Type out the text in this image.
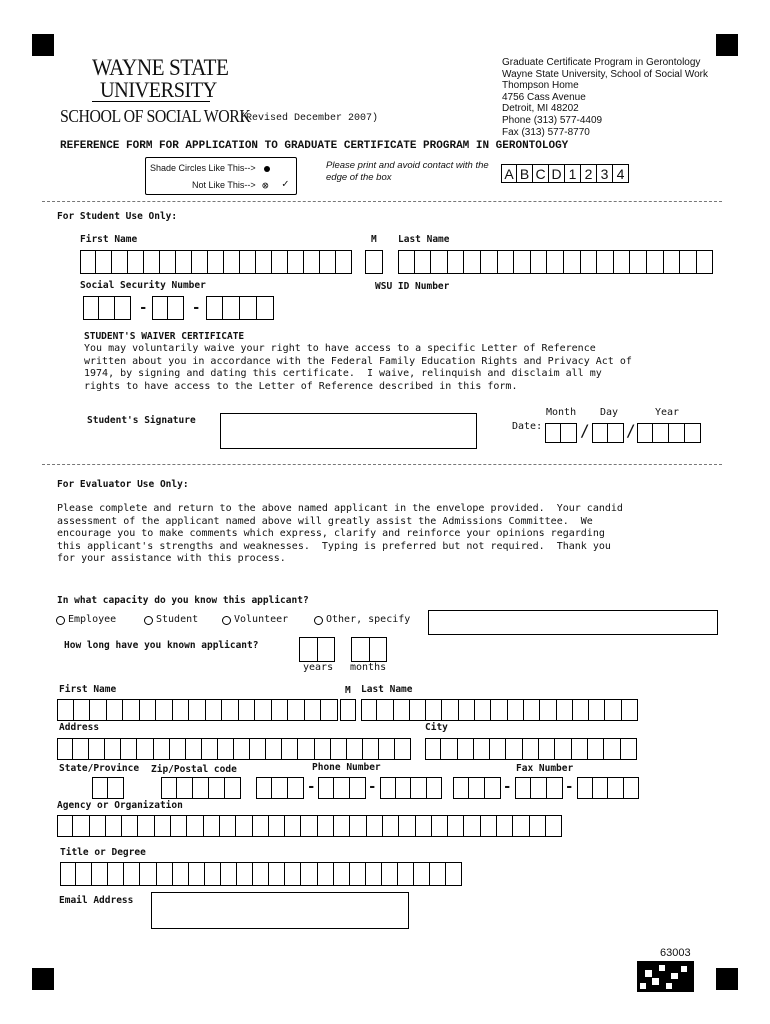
WAYNE STATE
UNIVERSITY
SCHOOL OF SOCIAL WORK
(Revised December 2007)
Graduate Certificate Program in Gerontology
Wayne State University, School of Social Work
Thompson Home
4756 Cass Avenue
Detroit, MI 48202
Phone (313) 577-4409
Fax (313) 577-8770
REFERENCE FORM FOR APPLICATION TO GRADUATE CERTIFICATE PROGRAM IN GERONTOLOGY
Shade Circles Like This-->
Not Like This--> ⊗ ✓
Please print and avoid contact with the
edge of the box	A B C D 1 2 3 4
For Student Use Only:
First Name	M Last Name
Social Security Number	WSU ID Number
-	-
STUDENT'S WAIVER CERTIFICATE
You may voluntarily waive your right to have access to a specific Letter of Reference
written about you in accordance with the Federal Family Education Rights and Privacy Act of
1974, by signing and dating this certificate.  I waive, relinquish and disclaim all my
rights to have access to the Letter of Reference described in this form.
Student's Signature
Month Day	Year
Date: / /
For Evaluator Use Only:
Please complete and return to the above named applicant in the envelope provided.  Your candid
assessment of the applicant named above will greatly assist the Admissions Committee.  We
encourage you to make comments which express, clarify and reinforce your opinions regarding
this applicant's strengths and weaknesses.  Typing is preferred but not required.  Thank you
for your assistance with this process.
In what capacity do you know this applicant?
Employee	Student	Volunteer	Other, specify
How long have you known applicant?
years months
First Name	M Last Name
Address	City
State/Province Zip/Postal code	Phone Number	Fax Number
-	-	-	-
Agency or Organization
Title or Degree
Email Address
63003
